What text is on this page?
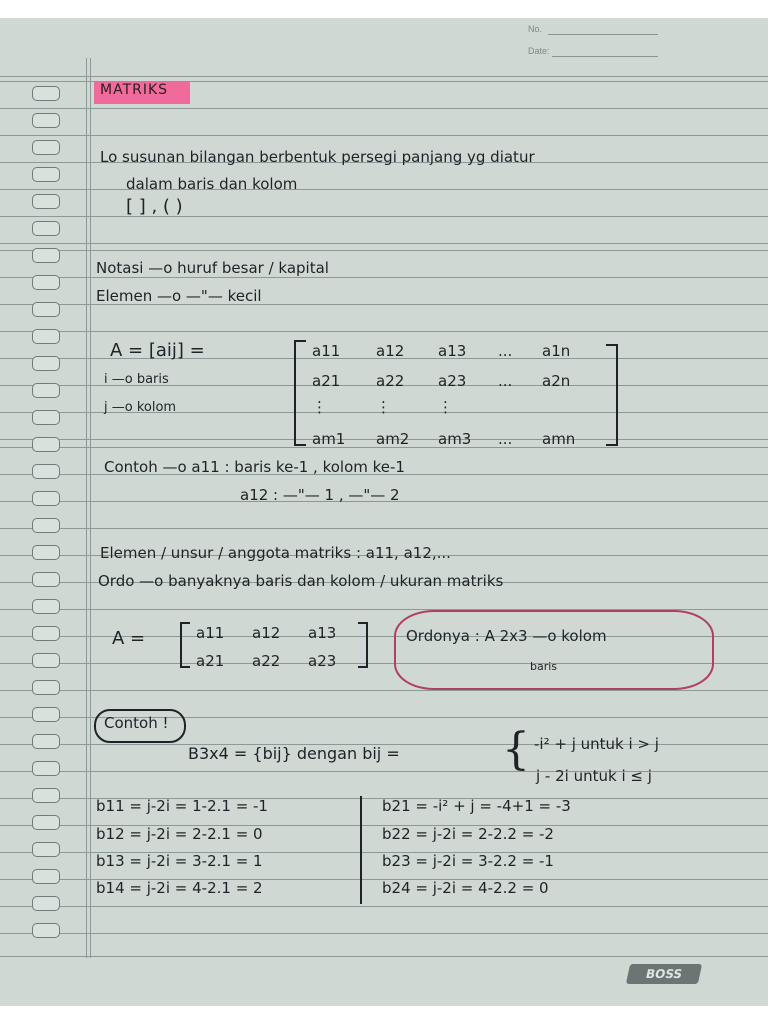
No.
Date:
MATRIKS
Lo susunan bilangan berbentuk persegi panjang yg diatur
dalam baris dan kolom
[ ] , ( )
Notasi —o huruf besar / kapital
Elemen —o —"— kecil
A = [aij] =
i —o baris
j —o kolom
a11 a12 a13 ... a1n
a21 a22 a23 ... a2n
⋮	⋮	⋮
am1 am2 am3 ... amn
Contoh —o a11 : baris ke-1 , kolom ke-1
a12 : —"— 1 , —"— 2
Elemen / unsur / anggota matriks : a11, a12,...
Ordo —o banyaknya baris dan kolom / ukuran matriks
A =	a11 a12 a13
a21 a22 a23
Ordonya : A 2x3 —o kolom
baris
Contoh !
B3x4 = {bij} dengan bij = { -i² + j untuk i > j
j - 2i untuk i ≤ j
b11 = j-2i = 1-2.1 = -1
b12 = j-2i = 2-2.1 = 0
b13 = j-2i = 3-2.1 = 1
b14 = j-2i = 4-2.1 = 2
b21 = -i² + j = -4+1 = -3
b22 = j-2i = 2-2.2 = -2
b23 = j-2i = 3-2.2 = -1
b24 = j-2i = 4-2.2 = 0
BOSS
